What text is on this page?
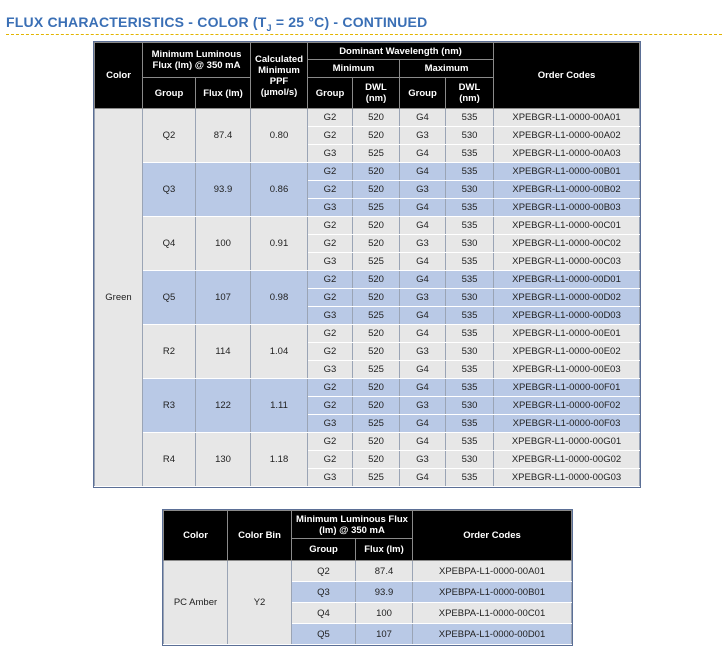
FLUX CHARACTERISTICS - COLOR ($T_J = 25$ °C) - CONTINUED
Color	Minimum Luminous Flux (lm) @ 350 mA		Calculated Minimum PPF (µmol/s)	Dominant Wavelength (nm)				Order Codes
				Minimum		Maximum		
	Group	Flux (lm)		Group	DWL (nm)	Group	DWL (nm)	
Green	Q2	87.4	0.80	G2	520	G4	535	XPEBGR-L1-0000-00A01
				G2	520	G3	530	XPEBGR-L1-0000-00A02
				G3	525	G4	535	XPEBGR-L1-0000-00A03
	Q3	93.9	0.86	G2	520	G4	535	XPEBGR-L1-0000-00B01
				G2	520	G3	530	XPEBGR-L1-0000-00B02
				G3	525	G4	535	XPEBGR-L1-0000-00B03
	Q4	100	0.91	G2	520	G4	535	XPEBGR-L1-0000-00C01
				G2	520	G3	530	XPEBGR-L1-0000-00C02
				G3	525	G4	535	XPEBGR-L1-0000-00C03
	Q5	107	0.98	G2	520	G4	535	XPEBGR-L1-0000-00D01
				G2	520	G3	530	XPEBGR-L1-0000-00D02
				G3	525	G4	535	XPEBGR-L1-0000-00D03
	R2	114	1.04	G2	520	G4	535	XPEBGR-L1-0000-00E01
				G2	520	G3	530	XPEBGR-L1-0000-00E02
				G3	525	G4	535	XPEBGR-L1-0000-00E03
	R3	122	1.11	G2	520	G4	535	XPEBGR-L1-0000-00F01
				G2	520	G3	530	XPEBGR-L1-0000-00F02
				G3	525	G4	535	XPEBGR-L1-0000-00F03
	R4	130	1.18	G2	520	G4	535	XPEBGR-L1-0000-00G01
				G2	520	G3	530	XPEBGR-L1-0000-00G02
				G3	525	G4	535	XPEBGR-L1-0000-00G03
Color	Color Bin	Minimum Luminous Flux (lm) @ 350 mA		Order Codes
		Group	Flux (lm)	
PC Amber	Y2	Q2	87.4	XPEBPA-L1-0000-00A01
		Q3	93.9	XPEBPA-L1-0000-00B01
		Q4	100	XPEBPA-L1-0000-00C01
		Q5	107	XPEBPA-L1-0000-00D01
